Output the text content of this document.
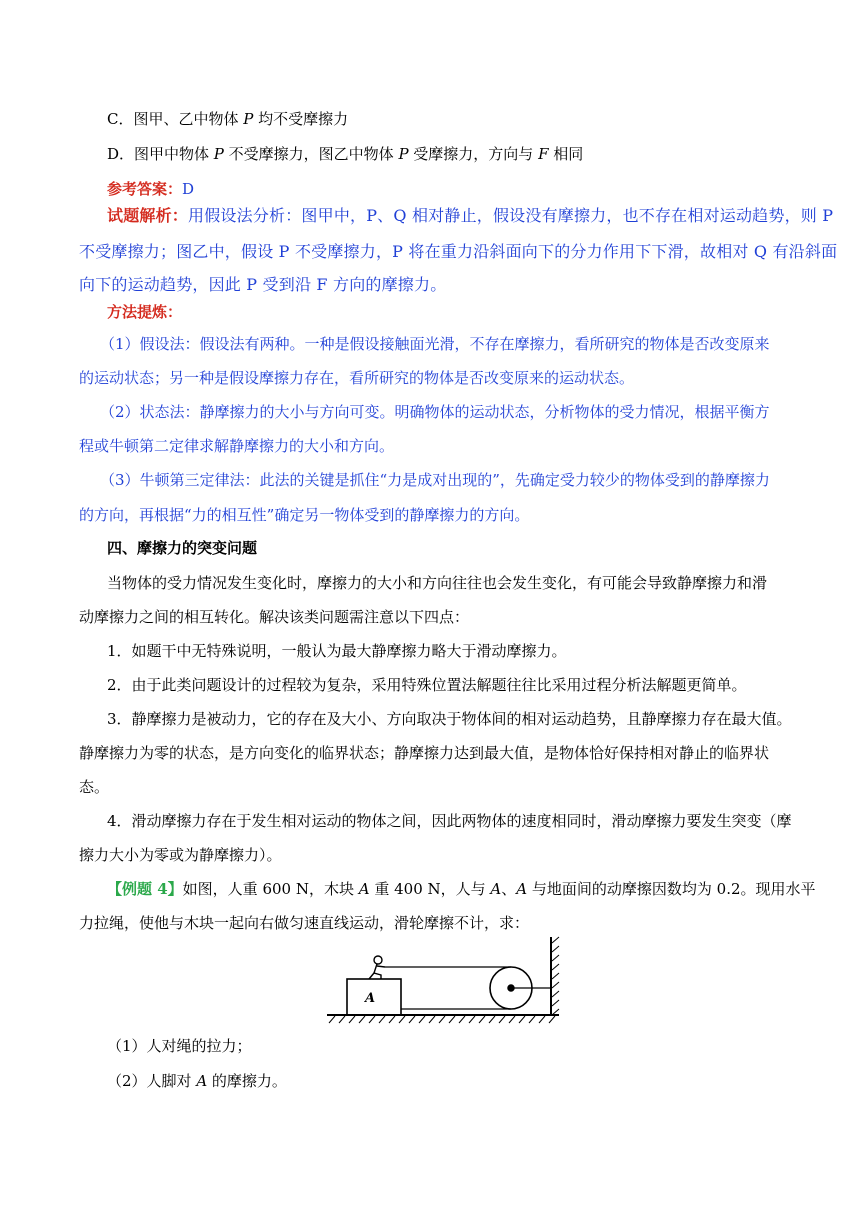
C．图甲、乙中物体 P 均不受摩擦力
D．图甲中物体 P 不受摩擦力，图乙中物体 P 受摩擦力，方向与 F 相同
参考答案：D
试题解析：用假设法分析：图甲中，P、Q 相对静止，假设没有摩擦力，也不存在相对运动趋势，则 P
不受摩擦力；图乙中，假设 P 不受摩擦力，P 将在重力沿斜面向下的分力作用下下滑，故相对 Q 有沿斜面
向下的运动趋势，因此 P 受到沿 F 方向的摩擦力。
方法提炼：
（1）假设法：假设法有两种。一种是假设接触面光滑，不存在摩擦力，看所研究的物体是否改变原来
的运动状态；另一种是假设摩擦力存在，看所研究的物体是否改变原来的运动状态。
（2）状态法：静摩擦力的大小与方向可变。明确物体的运动状态，分析物体的受力情况，根据平衡方
程或牛顿第二定律求解静摩擦力的大小和方向。
（3）牛顿第三定律法：此法的关键是抓住“力是成对出现的”，先确定受力较少的物体受到的静摩擦力
的方向，再根据“力的相互性”确定另一物体受到的静摩擦力的方向。
四、摩擦力的突变问题
当物体的受力情况发生变化时，摩擦力的大小和方向往往也会发生变化，有可能会导致静摩擦力和滑
动摩擦力之间的相互转化。解决该类问题需注意以下四点：
1．如题干中无特殊说明，一般认为最大静摩擦力略大于滑动摩擦力。
2．由于此类问题设计的过程较为复杂，采用特殊位置法解题往往比采用过程分析法解题更简单。
3．静摩擦力是被动力，它的存在及大小、方向取决于物体间的相对运动趋势，且静摩擦力存在最大值。
静摩擦力为零的状态，是方向变化的临界状态；静摩擦力达到最大值，是物体恰好保持相对静止的临界状
态。
4．滑动摩擦力存在于发生相对运动的物体之间，因此两物体的速度相同时，滑动摩擦力要发生突变（摩
擦力大小为零或为静摩擦力）。
【例题 4】如图，人重 600 N，木块 A 重 400 N，人与 A、A 与地面间的动摩擦因数均为 0.2。现用水平
力拉绳，使他与木块一起向右做匀速直线运动，滑轮摩擦不计，求：
A
（1）人对绳的拉力；
（2）人脚对 A 的摩擦力。
